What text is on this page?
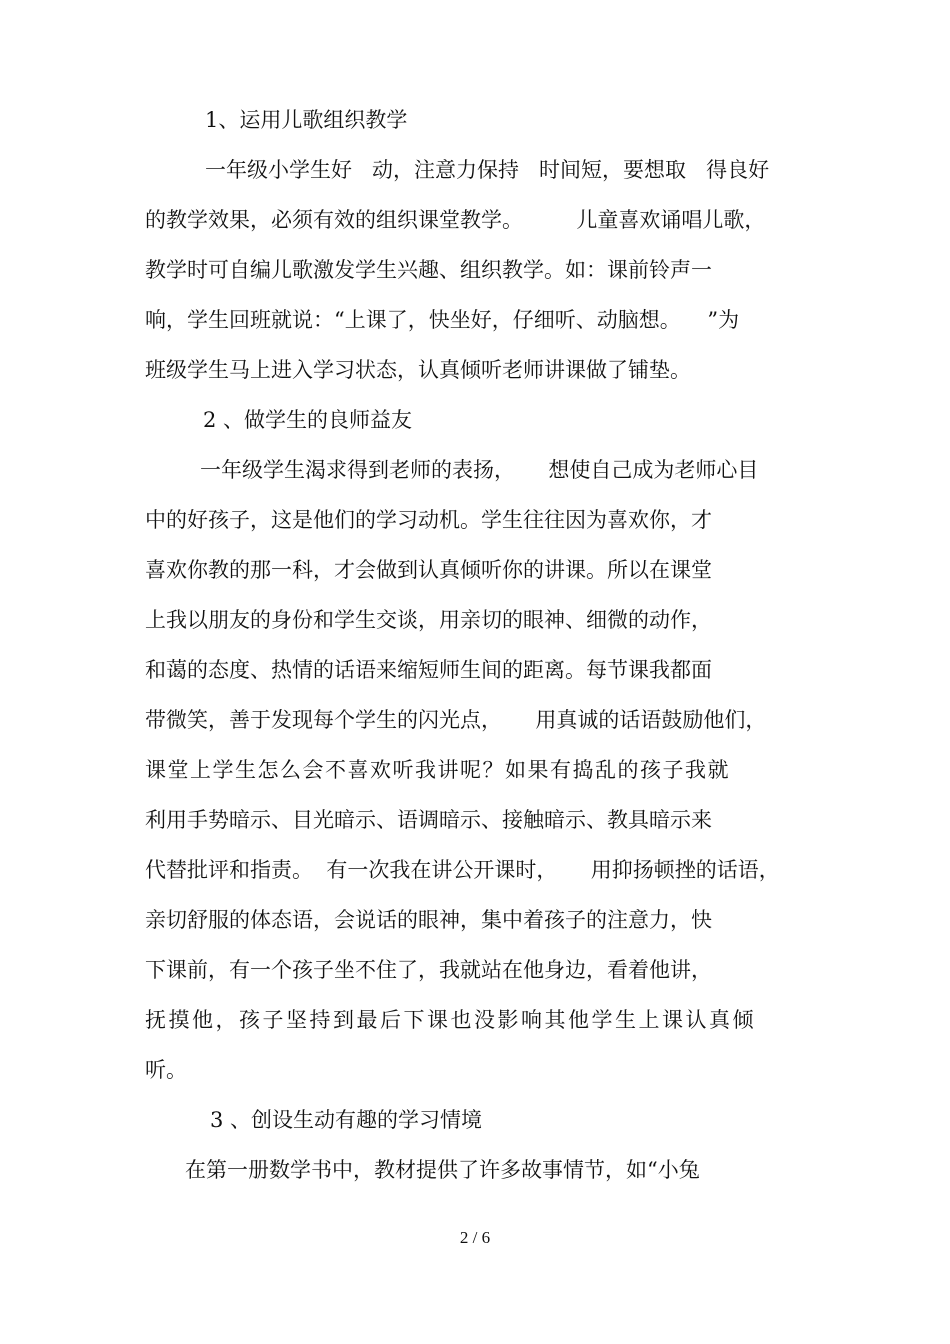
1、运用儿歌组织教学
一年级小学生好   动，注意力保持   时间短，要想取   得良好
的教学效果，必须有效的组织课堂教学。        儿童喜欢诵唱儿歌，
教学时可自编儿歌激发学生兴趣、组织教学。如：课前铃声一
响，学生回班就说：“上课了，快坐好，仔细听、动脑想。    ”为
班级学生马上进入学习状态，认真倾听老师讲课做了铺垫。
2 、做学生的良师益友
一年级学生渴求得到老师的表扬，     想使自己成为老师心目
中的好孩子，这是他们的学习动机。学生往往因为喜欢你，才
喜欢你教的那一科，才会做到认真倾听你的讲课。所以在课堂
上我以朋友的身份和学生交谈，用亲切的眼神、细微的动作，
和蔼的态度、热情的话语来缩短师生间的距离。每节课我都面
带微笑，善于发现每个学生的闪光点，     用真诚的话语鼓励他们，
课堂上学生怎么会不喜欢听我讲呢？如果有捣乱的孩子我就
利用手势暗示、目光暗示、语调暗示、接触暗示、教具暗示来
代替批评和指责。  有一次我在讲公开课时，     用抑扬顿挫的话语，
亲切舒服的体态语，会说话的眼神，集中着孩子的注意力，快
下课前，有一个孩子坐不住了，我就站在他身边，看着他讲，
抚摸他，孩子坚持到最后下课也没影响其他学生上课认真倾
听。
3 、创设生动有趣的学习情境
在第一册数学书中，教材提供了许多故事情节，如“小兔
2 / 6
